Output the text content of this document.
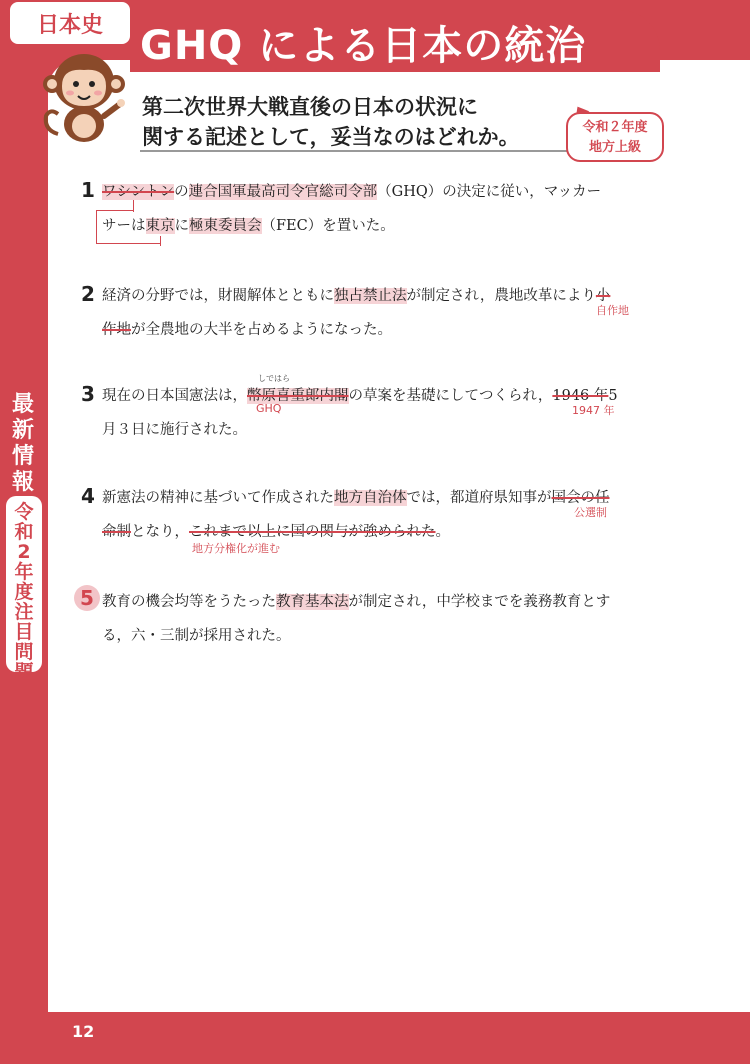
日本史 GHQ による日本の統治
第二次世界大戦直後の日本の状況に
関する記述として，妥当なのはどれか。	令和２年度
地方上級
最新情報
令和2年度注目問題
1 ワシントンの連合国軍最高司令官総司令部（GHQ）の決定に従い，マッカー
サーは東京に極東委員会（FEC）を置いた。
2 経済の分野では，財閥解体とともに独占禁止法が制定され，農地改革により小
作地が全農地の大半を占めるようになった。
自作地
3
しではら
現在の日本国憲法は，幣原喜重郎内閣の草案を基礎にしてつくられ，1946 年5
月３日に施行された。
GHQ	1947 年
4 新憲法の精神に基づいて作成された地方自治体では，都道府県知事が国会の任
命制となり，これまで以上に国の関与が強められた。
公選制
地方分権化が進む
5 教育の機会均等をうたった教育基本法が制定され，中学校までを義務教育とす
る，六・三制が採用された。
12
